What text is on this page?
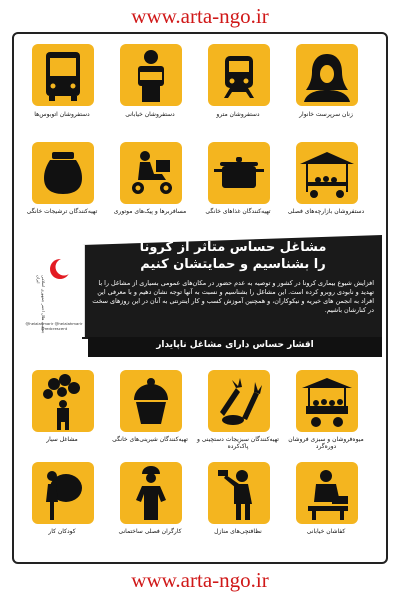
www.arta-ngo.ir
زنان سرپرست خانوار
دستفروشان مترو
دستفروشان خیابانی
دستفروشان اتوبوس‌ها
دستفروشان بازارچه‌های فصلی
تهیه‌کنندگان غذاهای خانگی
مسافربرها و پیک‌های موتوری
تهیه‌کنندگان ترشیجات خانگی
جمعیت هلال احمر جمهوری اسلامی ایران
@helalahmarir @helalahmarir @redcrescent
مشاغل حساس متاثر از کرونا
را بشناسیم و حمایتشان کنیم
افزایش شیوع بیماری کرونا در کشور و توصیه به عدم حضور در مکان‌های عمومی بسیاری از مشاغل را با تهدید و نابودی روبرو کرده است. این مشاغل را بشناسیم و نسبت به آنها توجه نشان دهیم و با معرفی این افراد به انجمن های خیریه و نیکوکاران، و همچنین آموزش کسب و کار اینترنتی به آنان در این روزهای سخت در کنارشان باشیم.
اقشار حساس دارای مشاغل ناپایدار
میوه‌فروشان و سبزی فروشان دوره‌گرد
تهیه‌کنندگان سبزیجات دستچینی و پاک‌کرده
تهیه‌کنندگان شیرینی‌های خانگی
مشاغل سیار
کفاشان خیابانی
نظافتچی‌های منازل
کارگران فصلی ساختمانی
کودکان کار
www.arta-ngo.ir
